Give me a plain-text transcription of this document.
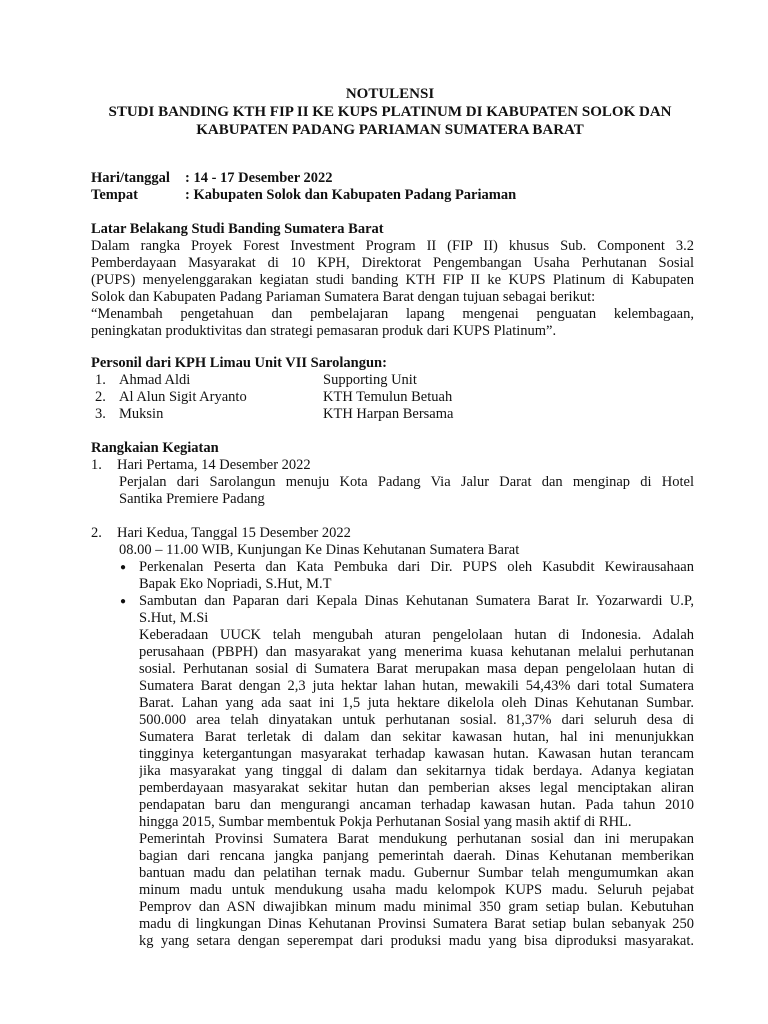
NOTULENSI
STUDI BANDING KTH FIP II KE KUPS PLATINUM DI KABUPATEN SOLOK DAN
KABUPATEN PADANG PARIAMAN SUMATERA BARAT
Hari/tanggal : 14 - 17 Desember 2022
Tempat	: Kabupaten Solok dan Kabupaten Padang Pariaman
Latar Belakang Studi Banding Sumatera Barat
Dalam rangka Proyek Forest Investment Program II (FIP II) khusus Sub. Component 3.2
Pemberdayaan Masyarakat di 10 KPH, Direktorat Pengembangan Usaha Perhutanan Sosial
(PUPS) menyelenggarakan kegiatan studi banding KTH FIP II ke KUPS Platinum di Kabupaten
Solok dan Kabupaten Padang Pariaman Sumatera Barat dengan tujuan sebagai berikut:
“Menambah pengetahuan dan pembelajaran lapang mengenai penguatan kelembagaan,
peningkatan produktivitas dan strategi pemasaran produk dari KUPS Platinum”.
Personil dari KPH Limau Unit VII Sarolangun:
1. Ahmad Aldi	Supporting Unit
2. Al Alun Sigit Aryanto	KTH Temulun Betuah
3. Muksin	KTH Harpan Bersama
Rangkaian Kegiatan
1. Hari Pertama, 14 Desember 2022
Perjalan dari Sarolangun menuju Kota Padang Via Jalur Darat dan menginap di Hotel
Santika Premiere Padang
2. Hari Kedua, Tanggal 15 Desember 2022
08.00 – 11.00 WIB, Kunjungan Ke Dinas Kehutanan Sumatera Barat
● Perkenalan Peserta dan Kata Pembuka dari Dir. PUPS oleh Kasubdit Kewirausahaan
Bapak Eko Nopriadi, S.Hut, M.T
● Sambutan dan Paparan dari Kepala Dinas Kehutanan Sumatera Barat Ir. Yozarwardi U.P,
S.Hut, M.Si
Keberadaan UUCK telah mengubah aturan pengelolaan hutan di Indonesia. Adalah
perusahaan (PBPH) dan masyarakat yang menerima kuasa kehutanan melalui perhutanan
sosial. Perhutanan sosial di Sumatera Barat merupakan masa depan pengelolaan hutan di
Sumatera Barat dengan 2,3 juta hektar lahan hutan, mewakili 54,43% dari total Sumatera
Barat. Lahan yang ada saat ini 1,5 juta hektare dikelola oleh Dinas Kehutanan Sumbar.
500.000 area telah dinyatakan untuk perhutanan sosial. 81,37% dari seluruh desa di
Sumatera Barat terletak di dalam dan sekitar kawasan hutan, hal ini menunjukkan
tingginya ketergantungan masyarakat terhadap kawasan hutan. Kawasan hutan terancam
jika masyarakat yang tinggal di dalam dan sekitarnya tidak berdaya. Adanya kegiatan
pemberdayaan masyarakat sekitar hutan dan pemberian akses legal menciptakan aliran
pendapatan baru dan mengurangi ancaman terhadap kawasan hutan. Pada tahun 2010
hingga 2015, Sumbar membentuk Pokja Perhutanan Sosial yang masih aktif di RHL.
Pemerintah Provinsi Sumatera Barat mendukung perhutanan sosial dan ini merupakan
bagian dari rencana jangka panjang pemerintah daerah. Dinas Kehutanan memberikan
bantuan madu dan pelatihan ternak madu. Gubernur Sumbar telah mengumumkan akan
minum madu untuk mendukung usaha madu kelompok KUPS madu. Seluruh pejabat
Pemprov dan ASN diwajibkan minum madu minimal 350 gram setiap bulan. Kebutuhan
madu di lingkungan Dinas Kehutanan Provinsi Sumatera Barat setiap bulan sebanyak 250
kg yang setara dengan seperempat dari produksi madu yang bisa diproduksi masyarakat.
